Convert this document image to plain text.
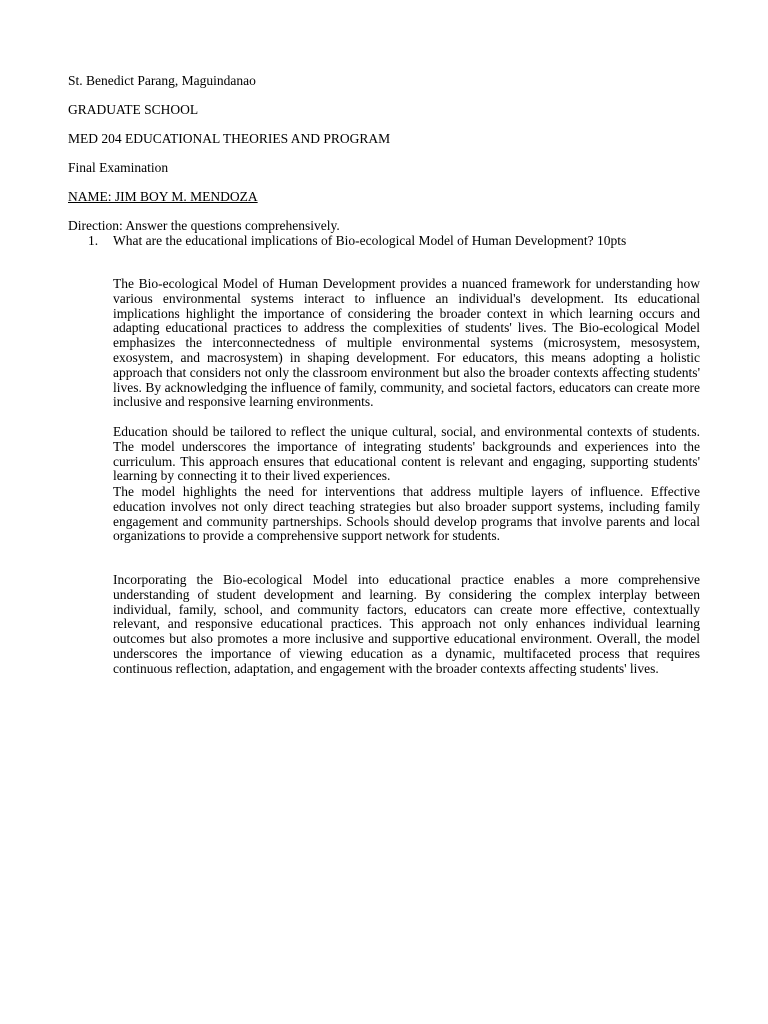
St. Benedict Parang, Maguindanao
GRADUATE SCHOOL
MED 204 EDUCATIONAL THEORIES AND PROGRAM
Final Examination
NAME: JIM BOY M. MENDOZA
Direction: Answer the questions comprehensively.
1. What are the educational implications of Bio-ecological Model of Human Development? 10pts

The Bio-ecological Model of Human Development provides a nuanced framework for understanding how various environmental systems interact to influence an individual's development. Its educational implications highlight the importance of considering the broader context in which learning occurs and adapting educational practices to address the complexities of students' lives. The Bio-ecological Model emphasizes the interconnectedness of multiple environmental systems (microsystem, mesosystem, exosystem, and macrosystem) in shaping development. For educators, this means adopting a holistic approach that considers not only the classroom environment but also the broader contexts affecting students' lives. By acknowledging the influence of family, community, and societal factors, educators can create more inclusive and responsive learning environments.

Education should be tailored to reflect the unique cultural, social, and environmental contexts of students. The model underscores the importance of integrating students' backgrounds and experiences into the curriculum. This approach ensures that educational content is relevant and engaging, supporting students' learning by connecting it to their lived experiences.

The model highlights the need for interventions that address multiple layers of influence. Effective education involves not only direct teaching strategies but also broader support systems, including family engagement and community partnerships. Schools should develop programs that involve parents and local organizations to provide a comprehensive support network for students.

Incorporating the Bio-ecological Model into educational practice enables a more comprehensive understanding of student development and learning. By considering the complex interplay between individual, family, school, and community factors, educators can create more effective, contextually relevant, and responsive educational practices. This approach not only enhances individual learning outcomes but also promotes a more inclusive and supportive educational environment. Overall, the model underscores the importance of viewing education as a dynamic, multifaceted process that requires continuous reflection, adaptation, and engagement with the broader contexts affecting students' lives.
